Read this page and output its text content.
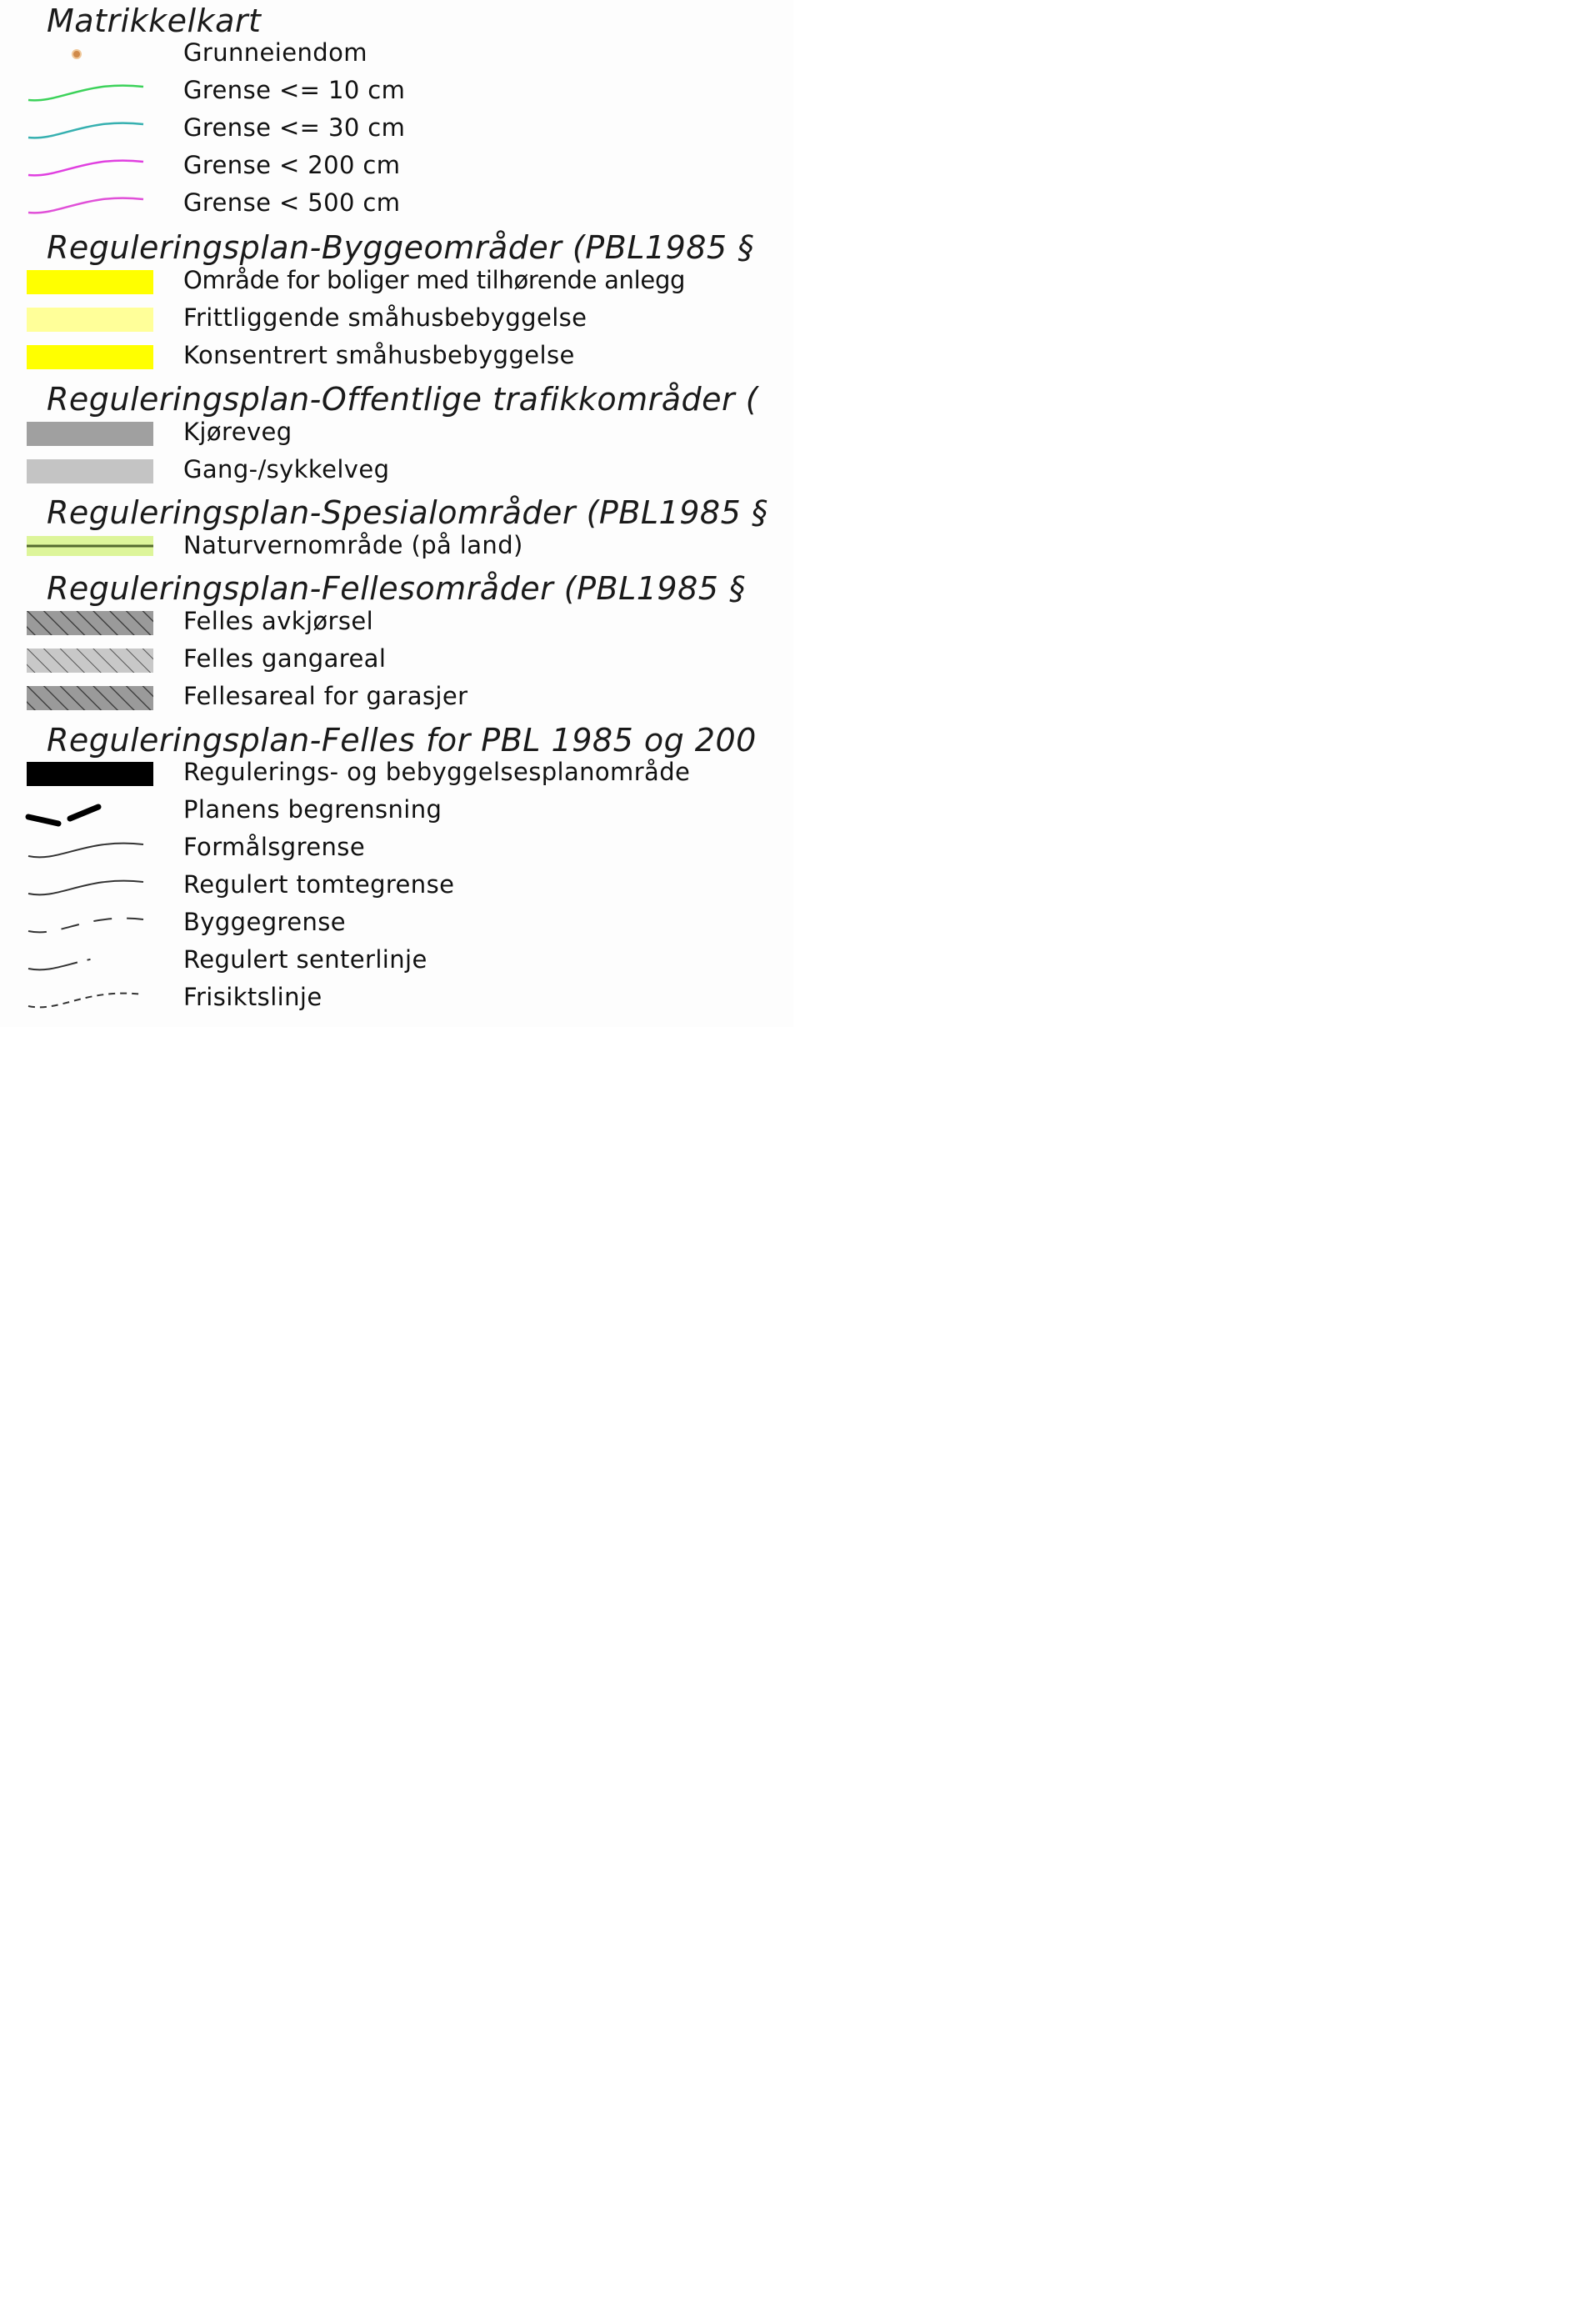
Matrikkelkart
Grunneiendom
Grense <= 10 cm
Grense <= 30 cm
Grense < 200 cm
Grense < 500 cm
Reguleringsplan-Byggeområder (PBL1985 §
Område for boliger med tilhørende anlegg
Frittliggende småhusbebyggelse
Konsentrert småhusbebyggelse
Reguleringsplan-Offentlige trafikkområder (
Kjøreveg
Gang-/sykkelveg
Reguleringsplan-Spesialområder (PBL1985 §
Naturvernområde (på land)
Reguleringsplan-Fellesområder (PBL1985 §
Felles avkjørsel
Felles gangareal
Fellesareal for garasjer
Reguleringsplan-Felles for PBL 1985 og 200
Regulerings- og bebyggelsesplanområde
Planens begrensning
Formålsgrense
Regulert tomtegrense
Byggegrense
Regulert senterlinje
Frisiktslinje
